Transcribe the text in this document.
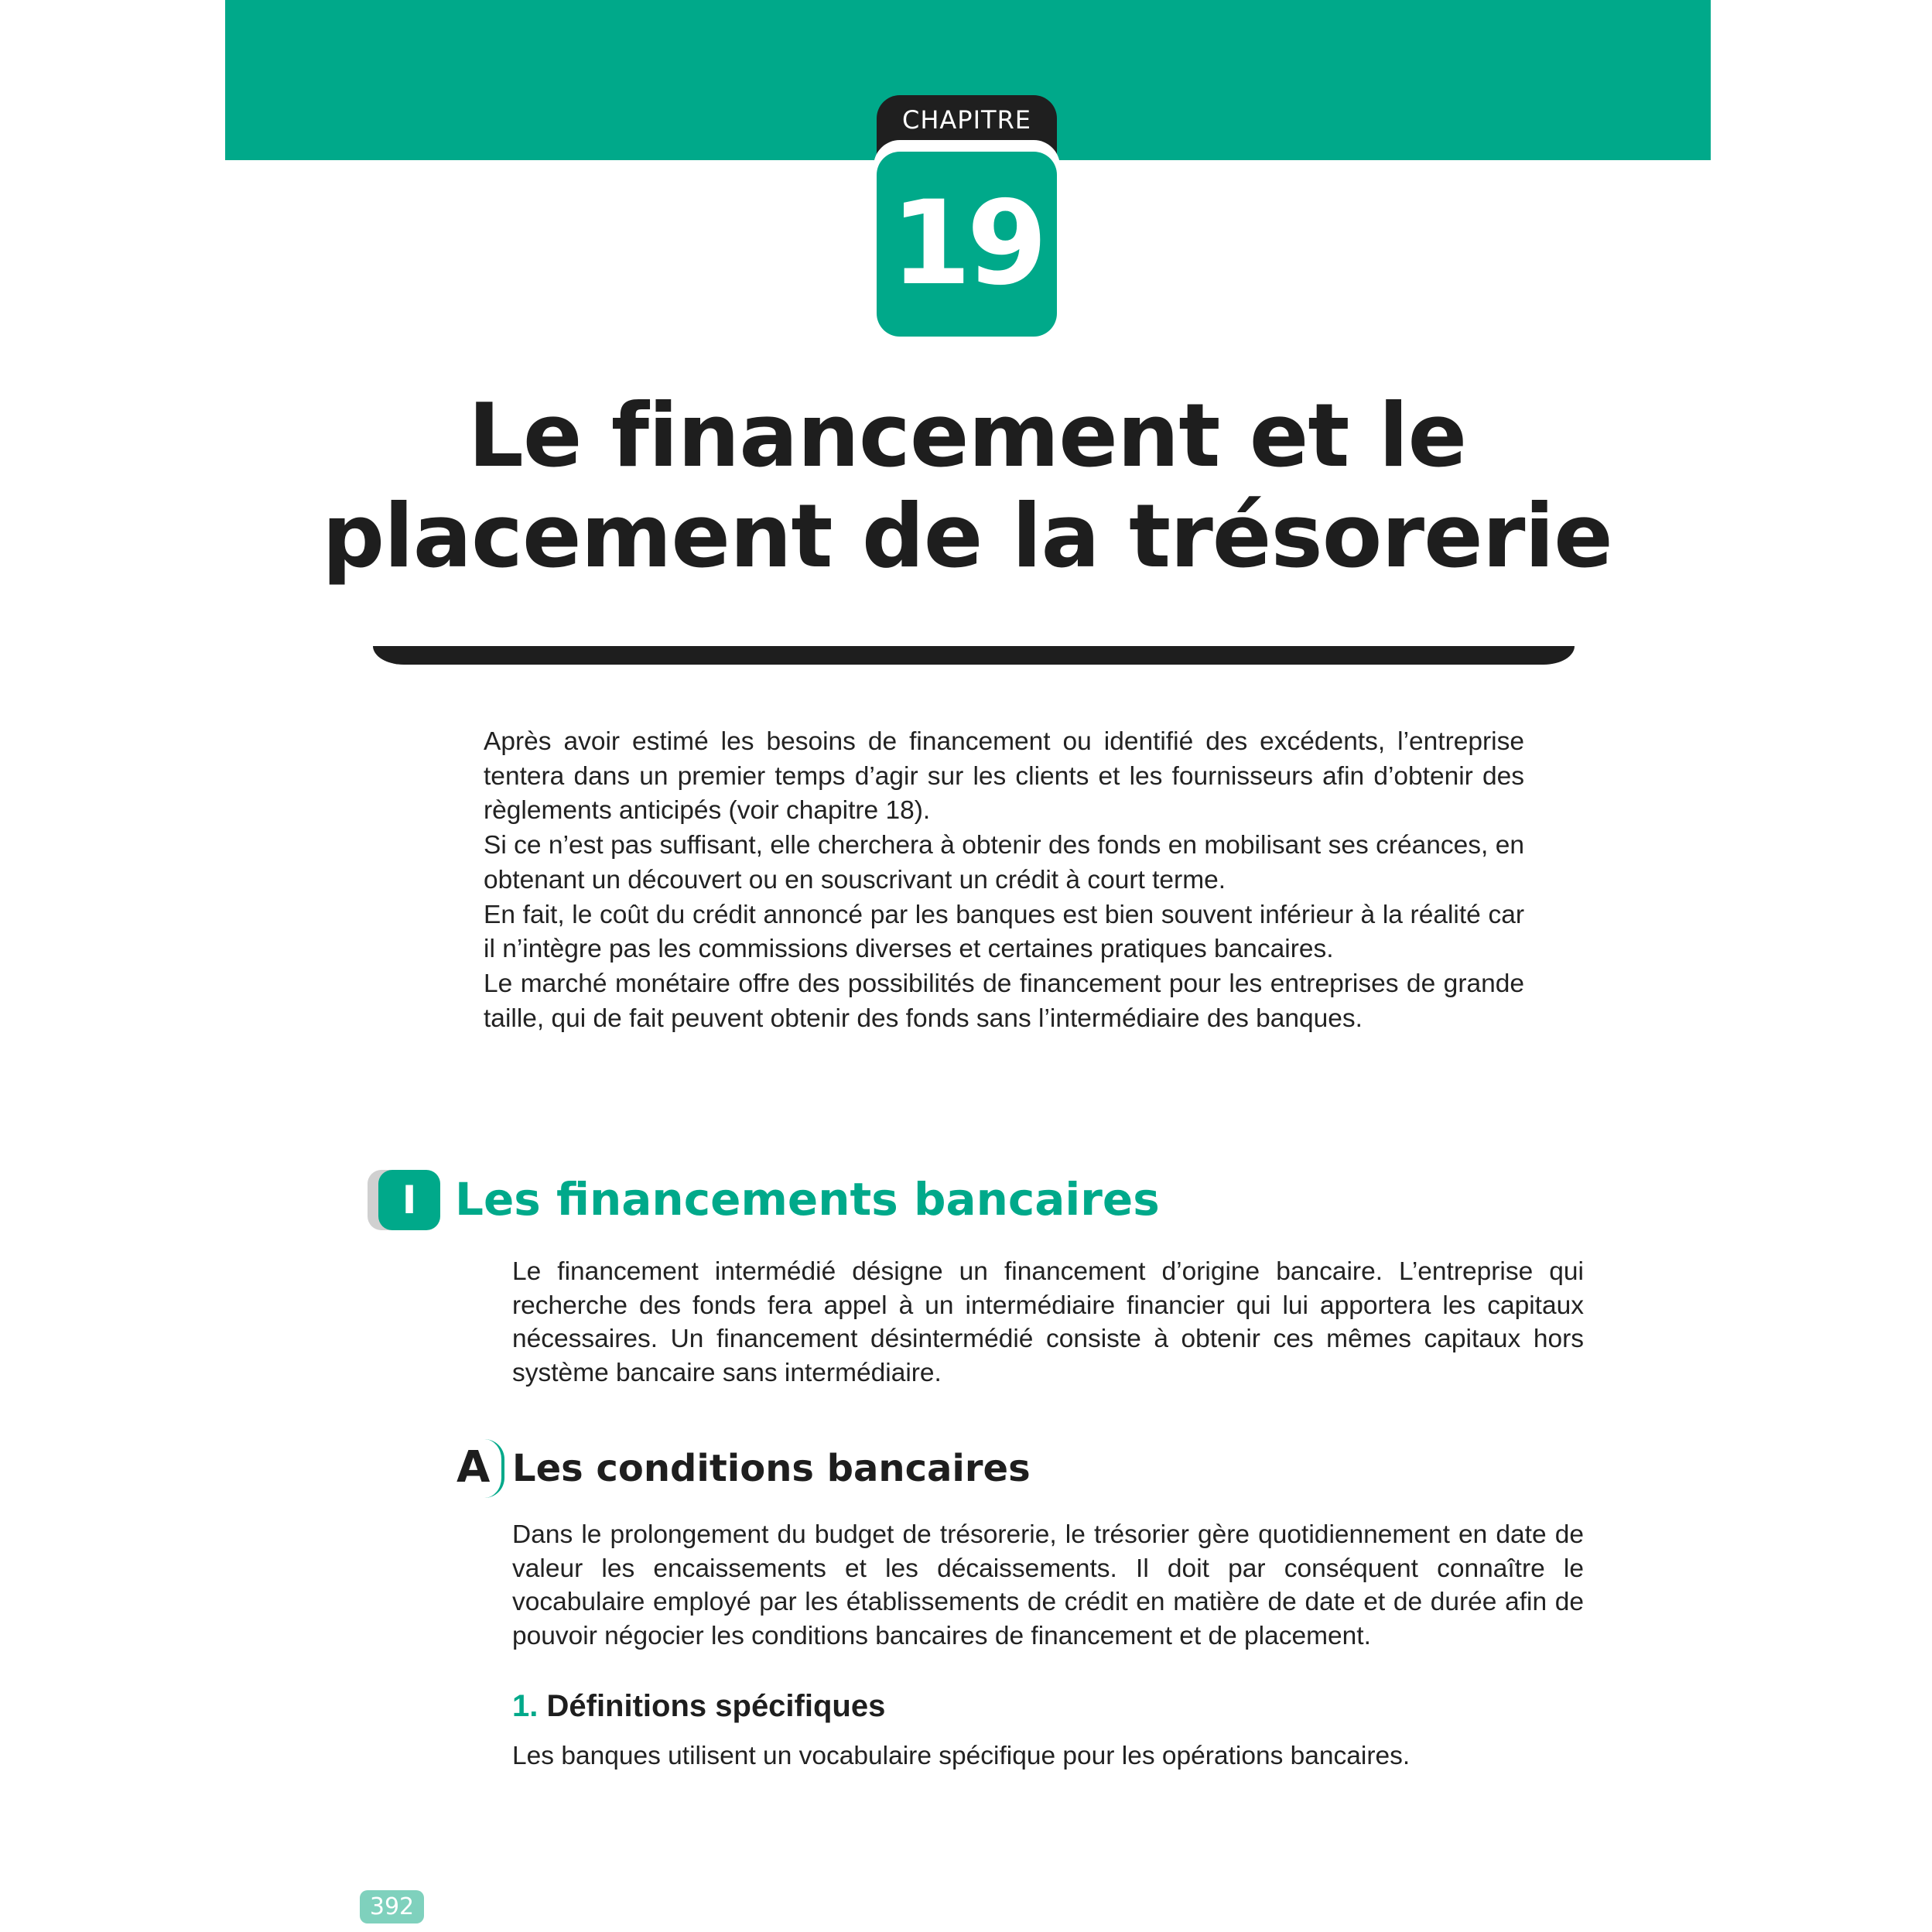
CHAPITRE
19
Le financement et le
placement de la trésorerie

Après avoir estimé les besoins de financement ou identifié des excédents, l’entreprise tentera dans un premier temps d’agir sur les clients et les fournisseurs afin d’obtenir des règlements anticipés (voir chapitre 18).

Si ce n’est pas suffisant, elle cherchera à obtenir des fonds en mobilisant ses créances, en obtenant un découvert ou en souscrivant un crédit à court terme.

En fait, le coût du crédit annoncé par les banques est bien souvent inférieur à la réalité car il n’intègre pas les commissions diverses et certaines pratiques bancaires.

Le marché monétaire offre des possibilités de financement pour les entreprises de grande taille, qui de fait peuvent obtenir des fonds sans l’intermédiaire des banques.

I Les financements bancaires

Le financement intermédié désigne un financement d’origine bancaire. L’entreprise qui recherche des fonds fera appel à un intermédiaire financier qui lui apportera les capitaux nécessaires. Un financement désintermédié consiste à obtenir ces mêmes capitaux hors système bancaire sans intermédiaire.

A Les conditions bancaires

Dans le prolongement du budget de trésorerie, le trésorier gère quotidiennement en date de valeur les encaissements et les décaissements. Il doit par conséquent connaître le vocabulaire employé par les établissements de crédit en matière de date et de durée afin de pouvoir négocier les conditions bancaires de financement et de placement.

1. Définitions spécifiques

Les banques utilisent un vocabulaire spécifique pour les opérations bancaires.

392
